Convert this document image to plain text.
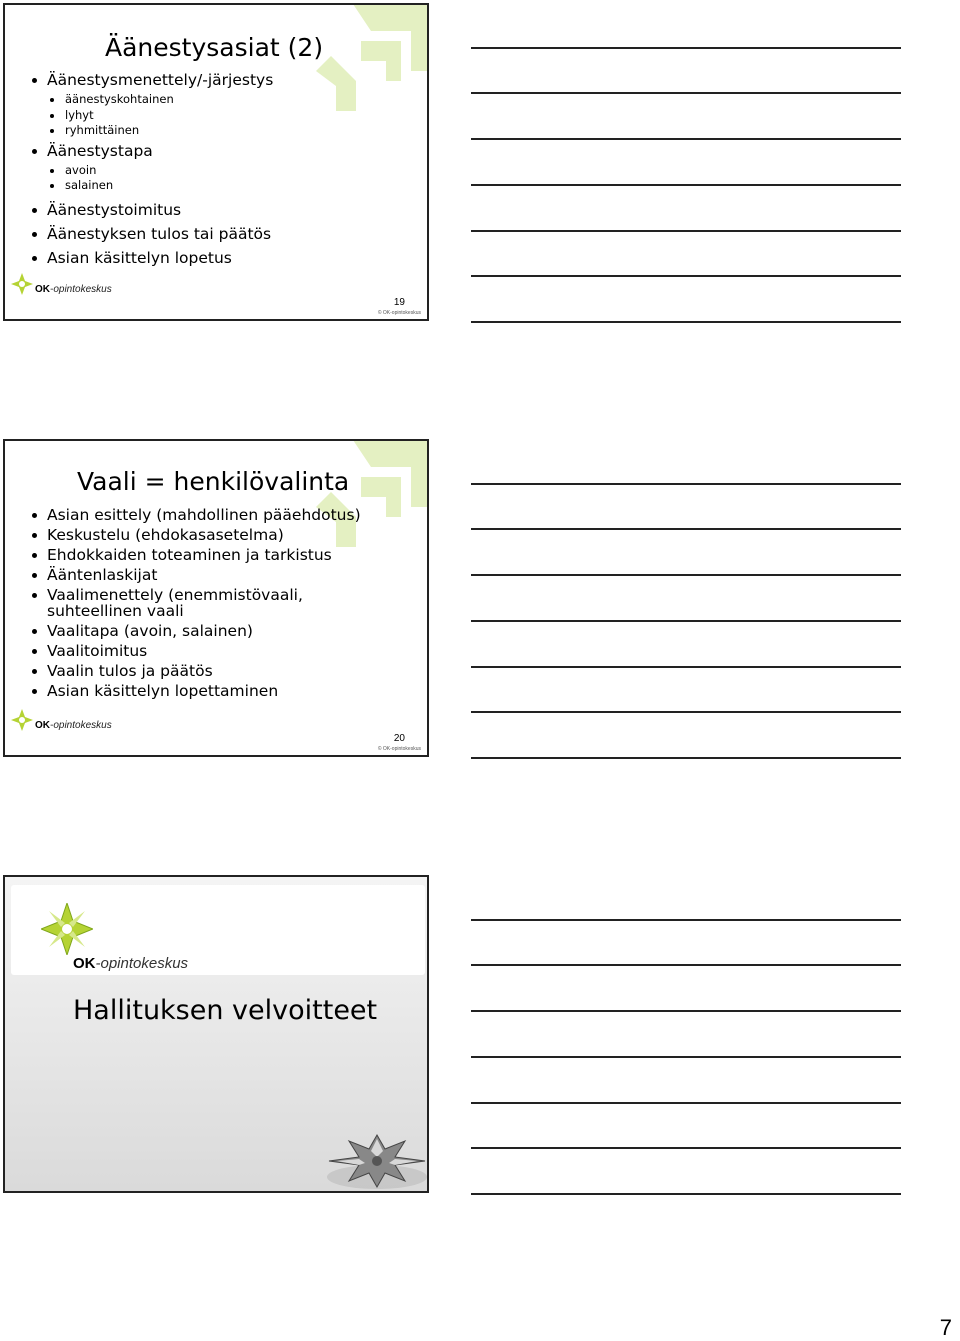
Äänestysasiat (2)
Äänestysmenettely/-järjestys
äänestyskohtainen
lyhyt
ryhmittäinen
Äänestystapa
avoin
salainen
Äänestystoimitus
Äänestyksen tulos tai päätös
Asian käsittelyn lopetus
OK-opintokeskus
19
© OK-opintokeskus
Vaali = henkilövalinta
Asian esittely (mahdollinen pääehdotus)
Keskustelu (ehdokasasetelma)
Ehdokkaiden toteaminen ja tarkistus
Ääntenlaskijat
Vaalimenettely (enemmistövaali, suhteellinen vaali
Vaalitapa (avoin, salainen)
Vaalitoimitus
Vaalin tulos ja päätös
Asian käsittelyn lopettaminen
OK-opintokeskus
20
© OK-opintokeskus
OK-opintokeskus
Hallituksen velvoitteet
7
